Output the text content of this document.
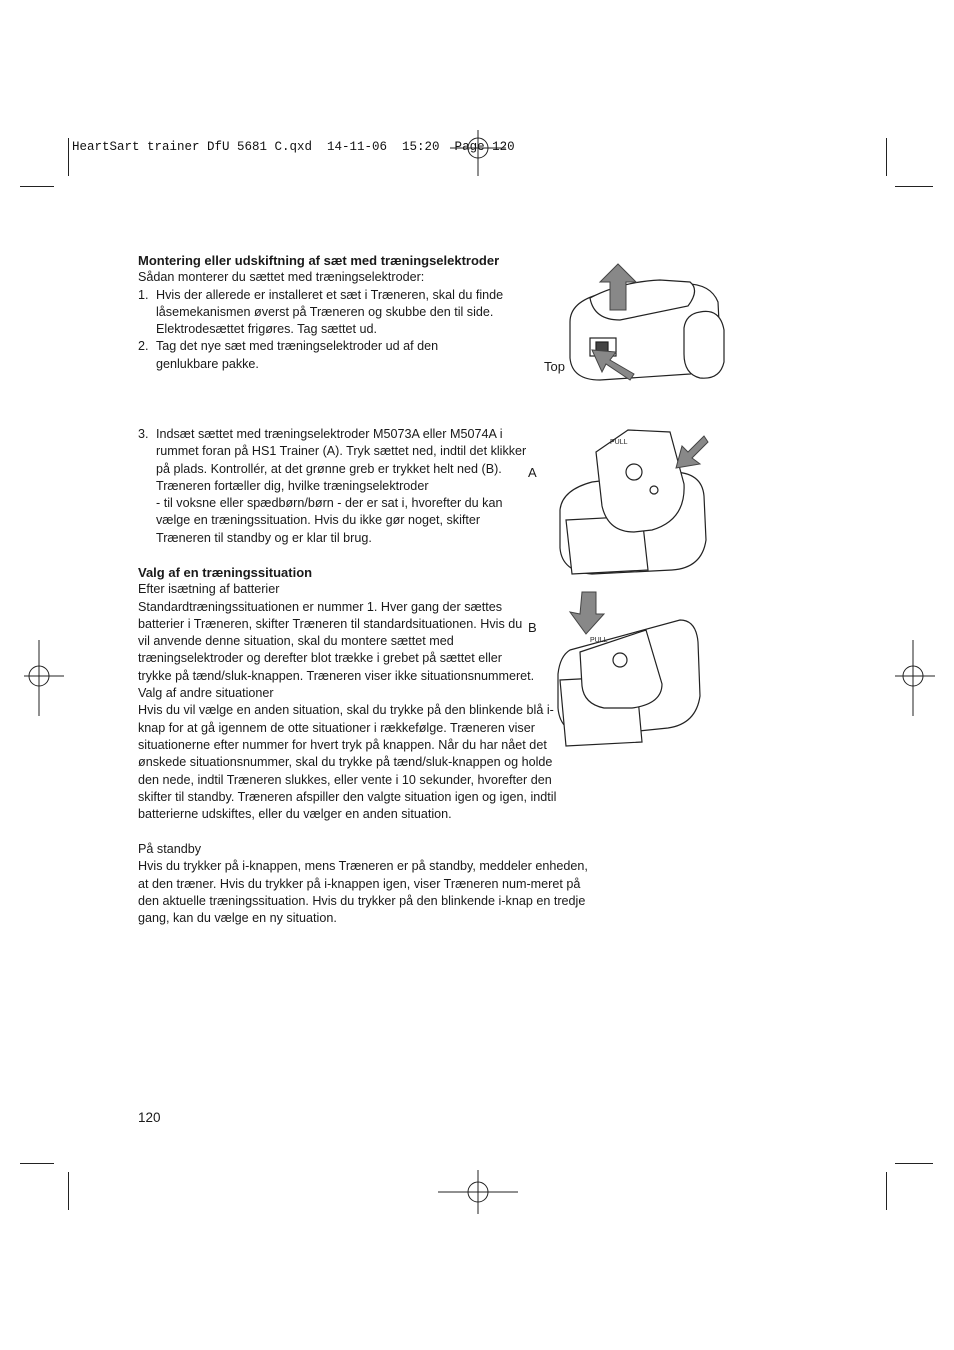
HeartSart trainer DfU 5681 C.qxd  14-11-06  15:20  Page 120

Montering eller udskiftning af sæt med træningselektroder

Sådan monterer du sættet med træningselektroder:

1. Hvis der allerede er installeret et sæt i Træneren, skal du finde låsemekanismen øverst på Træneren og skubbe den til side. Elektrodesættet frigøres. Tag sættet ud.
2. Tag det nye sæt med træningselektroder ud af den genlukbare pakke.
3. Indsæt sættet med træningselektroder M5073A eller M5074A i rummet foran på HS1 Trainer (A). Tryk sættet ned, indtil det klikker på plads. Kontrollér, at det grønne greb er trykket helt ned (B). Træneren fortæller dig, hvilke træningselektroder
- til voksne eller spædbørn/børn - der er sat i, hvorefter du kan vælge en træningssituation. Hvis du ikke gør noget, skifter Træneren til standby og er klar til brug.

Valg af en træningssituation

Efter isætning af batterier

Standardtræningssituationen er nummer 1. Hver gang der sættes batterier i Træneren, skifter Træneren til standardsituationen. Hvis du vil anvende denne situation, skal du montere sættet med træningselektroder og derefter blot trække i grebet på sættet eller trykke på tænd/sluk-knappen. Træneren viser ikke situationsnummeret.

Valg af andre situationer

Hvis du vil vælge en anden situation, skal du trykke på den blinkende blå i-knap for at gå igennem de otte situationer i rækkefølge. Træneren viser situationerne efter nummer for hvert tryk på knappen. Når du har nået det ønskede situationsnummer, skal du trykke på tænd/sluk-knappen og holde den nede, indtil Træneren slukkes, eller vente i 10 sekunder, hvorefter den skifter til standby. Træneren afspiller den valgte situation igen og igen, indtil batterierne udskiftes, eller du vælger en anden situation.

På standby

Hvis du trykker på i-knappen, mens Træneren er på standby, meddeler enheden, at den træner. Hvis du trykker på i-knappen igen, viser Træneren num-meret på den aktuelle træningssituation. Hvis du trykker på den blinkende i-knap en tredje gang, kan du vælge en ny situation.

Top
A
B
PULL
PULL
120
